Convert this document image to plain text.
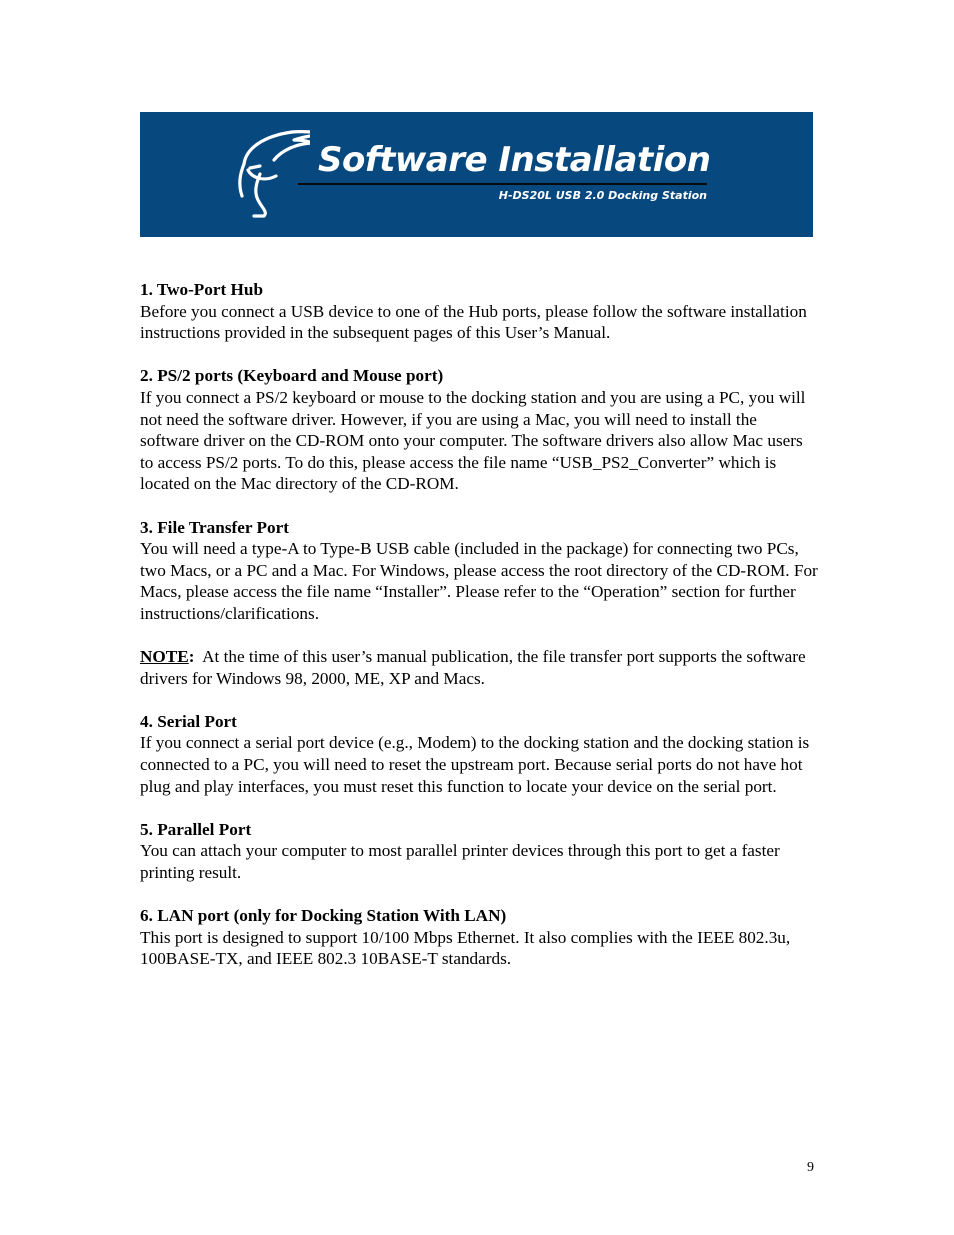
Software Installation
H-DS20L USB 2.0 Docking Station
1. Two-Port Hub

Before you connect a USB device to one of the Hub ports, please follow the software installation instructions provided in the subsequent pages of this User’s Manual.

2. PS/2 ports (Keyboard and Mouse port)

If you connect a PS/2 keyboard or mouse to the docking station and you are using a PC, you will not need the software driver. However, if you are using a Mac, you will need to install the software driver on the CD-ROM onto your computer. The software drivers also allow Mac users to access PS/2 ports. To do this, please access the file name “USB_PS2_Converter” which is located on the Mac directory of the CD-ROM.

3. File Transfer Port

You will need a type-A to Type-B USB cable (included in the package) for connecting two PCs, two Macs, or a PC and a Mac. For Windows, please access the root directory of the CD-ROM. For Macs, please access the file name “Installer”. Please refer to the “Operation” section for further instructions/clarifications.

NOTE:  At the time of this user’s manual publication, the file transfer port supports the software drivers for Windows 98, 2000, ME, XP and Macs.

4. Serial Port

If you connect a serial port device (e.g., Modem) to the docking station and the docking station is connected to a PC, you will need to reset the upstream port. Because serial ports do not have hot plug and play interfaces, you must reset this function to locate your device on the serial port.

5. Parallel Port

You can attach your computer to most parallel printer devices through this port to get a faster printing result.

6. LAN port (only for Docking Station With LAN)

This port is designed to support 10/100 Mbps Ethernet. It also complies with the IEEE 802.3u, 100BASE-TX, and IEEE 802.3 10BASE-T standards.

9
